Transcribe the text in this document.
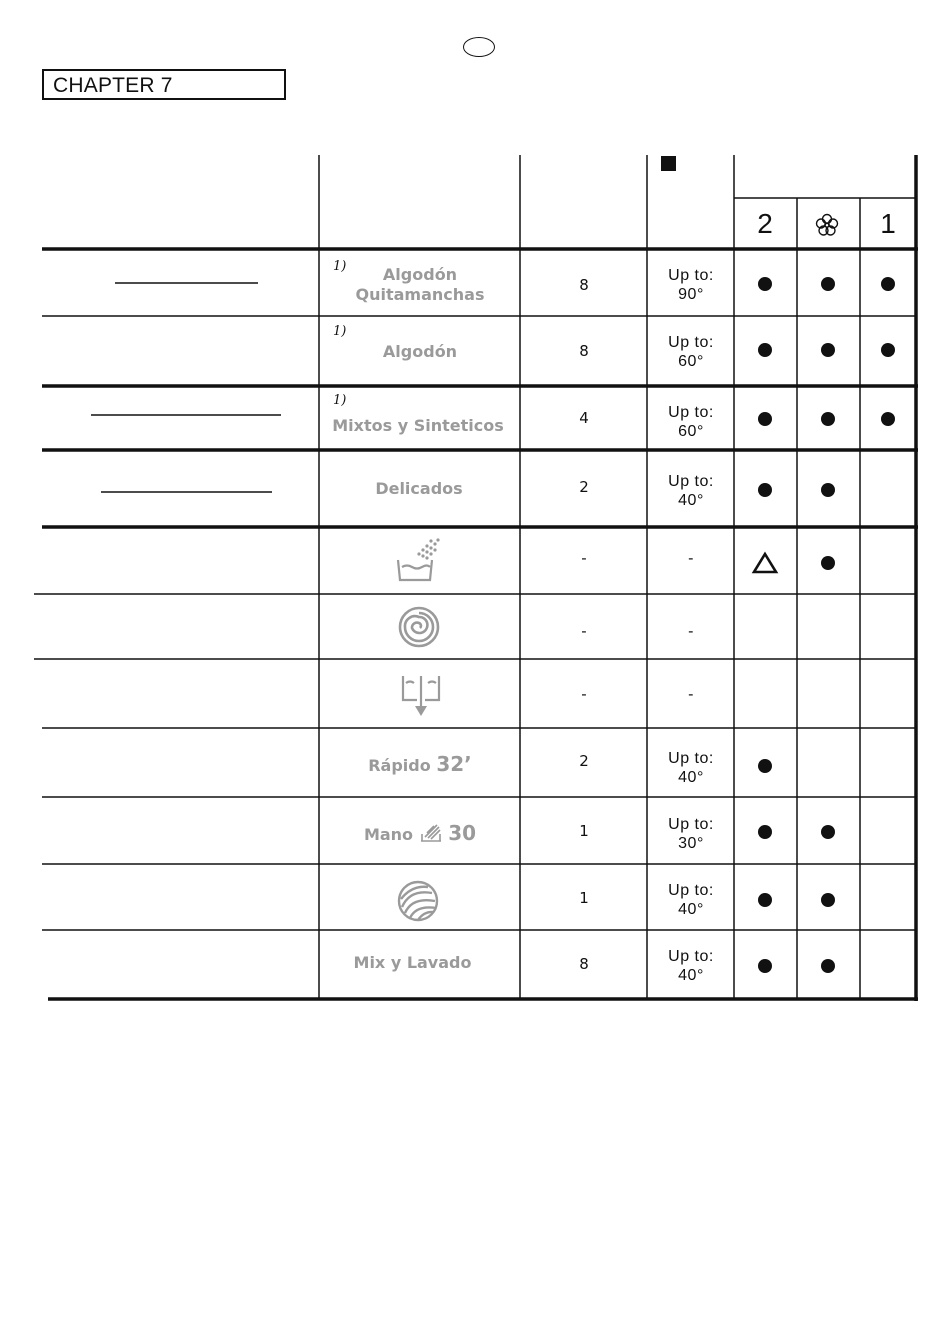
CHAPTER 7
2	1
1)
1)
1)
Algodón
Quitamanchas
Algodón
Mixtos y Sinteticos
Delicados
Rápido 32’
Mano 30
Mix y Lavado
8
8
4
2
-
-
-
2
1
1
8
Up to:
90°
Up to:
60°
Up to:
60°
Up to:
40°
-
-
-
Up to:
40°
Up to:
30°
Up to:
40°
Up to:
40°
